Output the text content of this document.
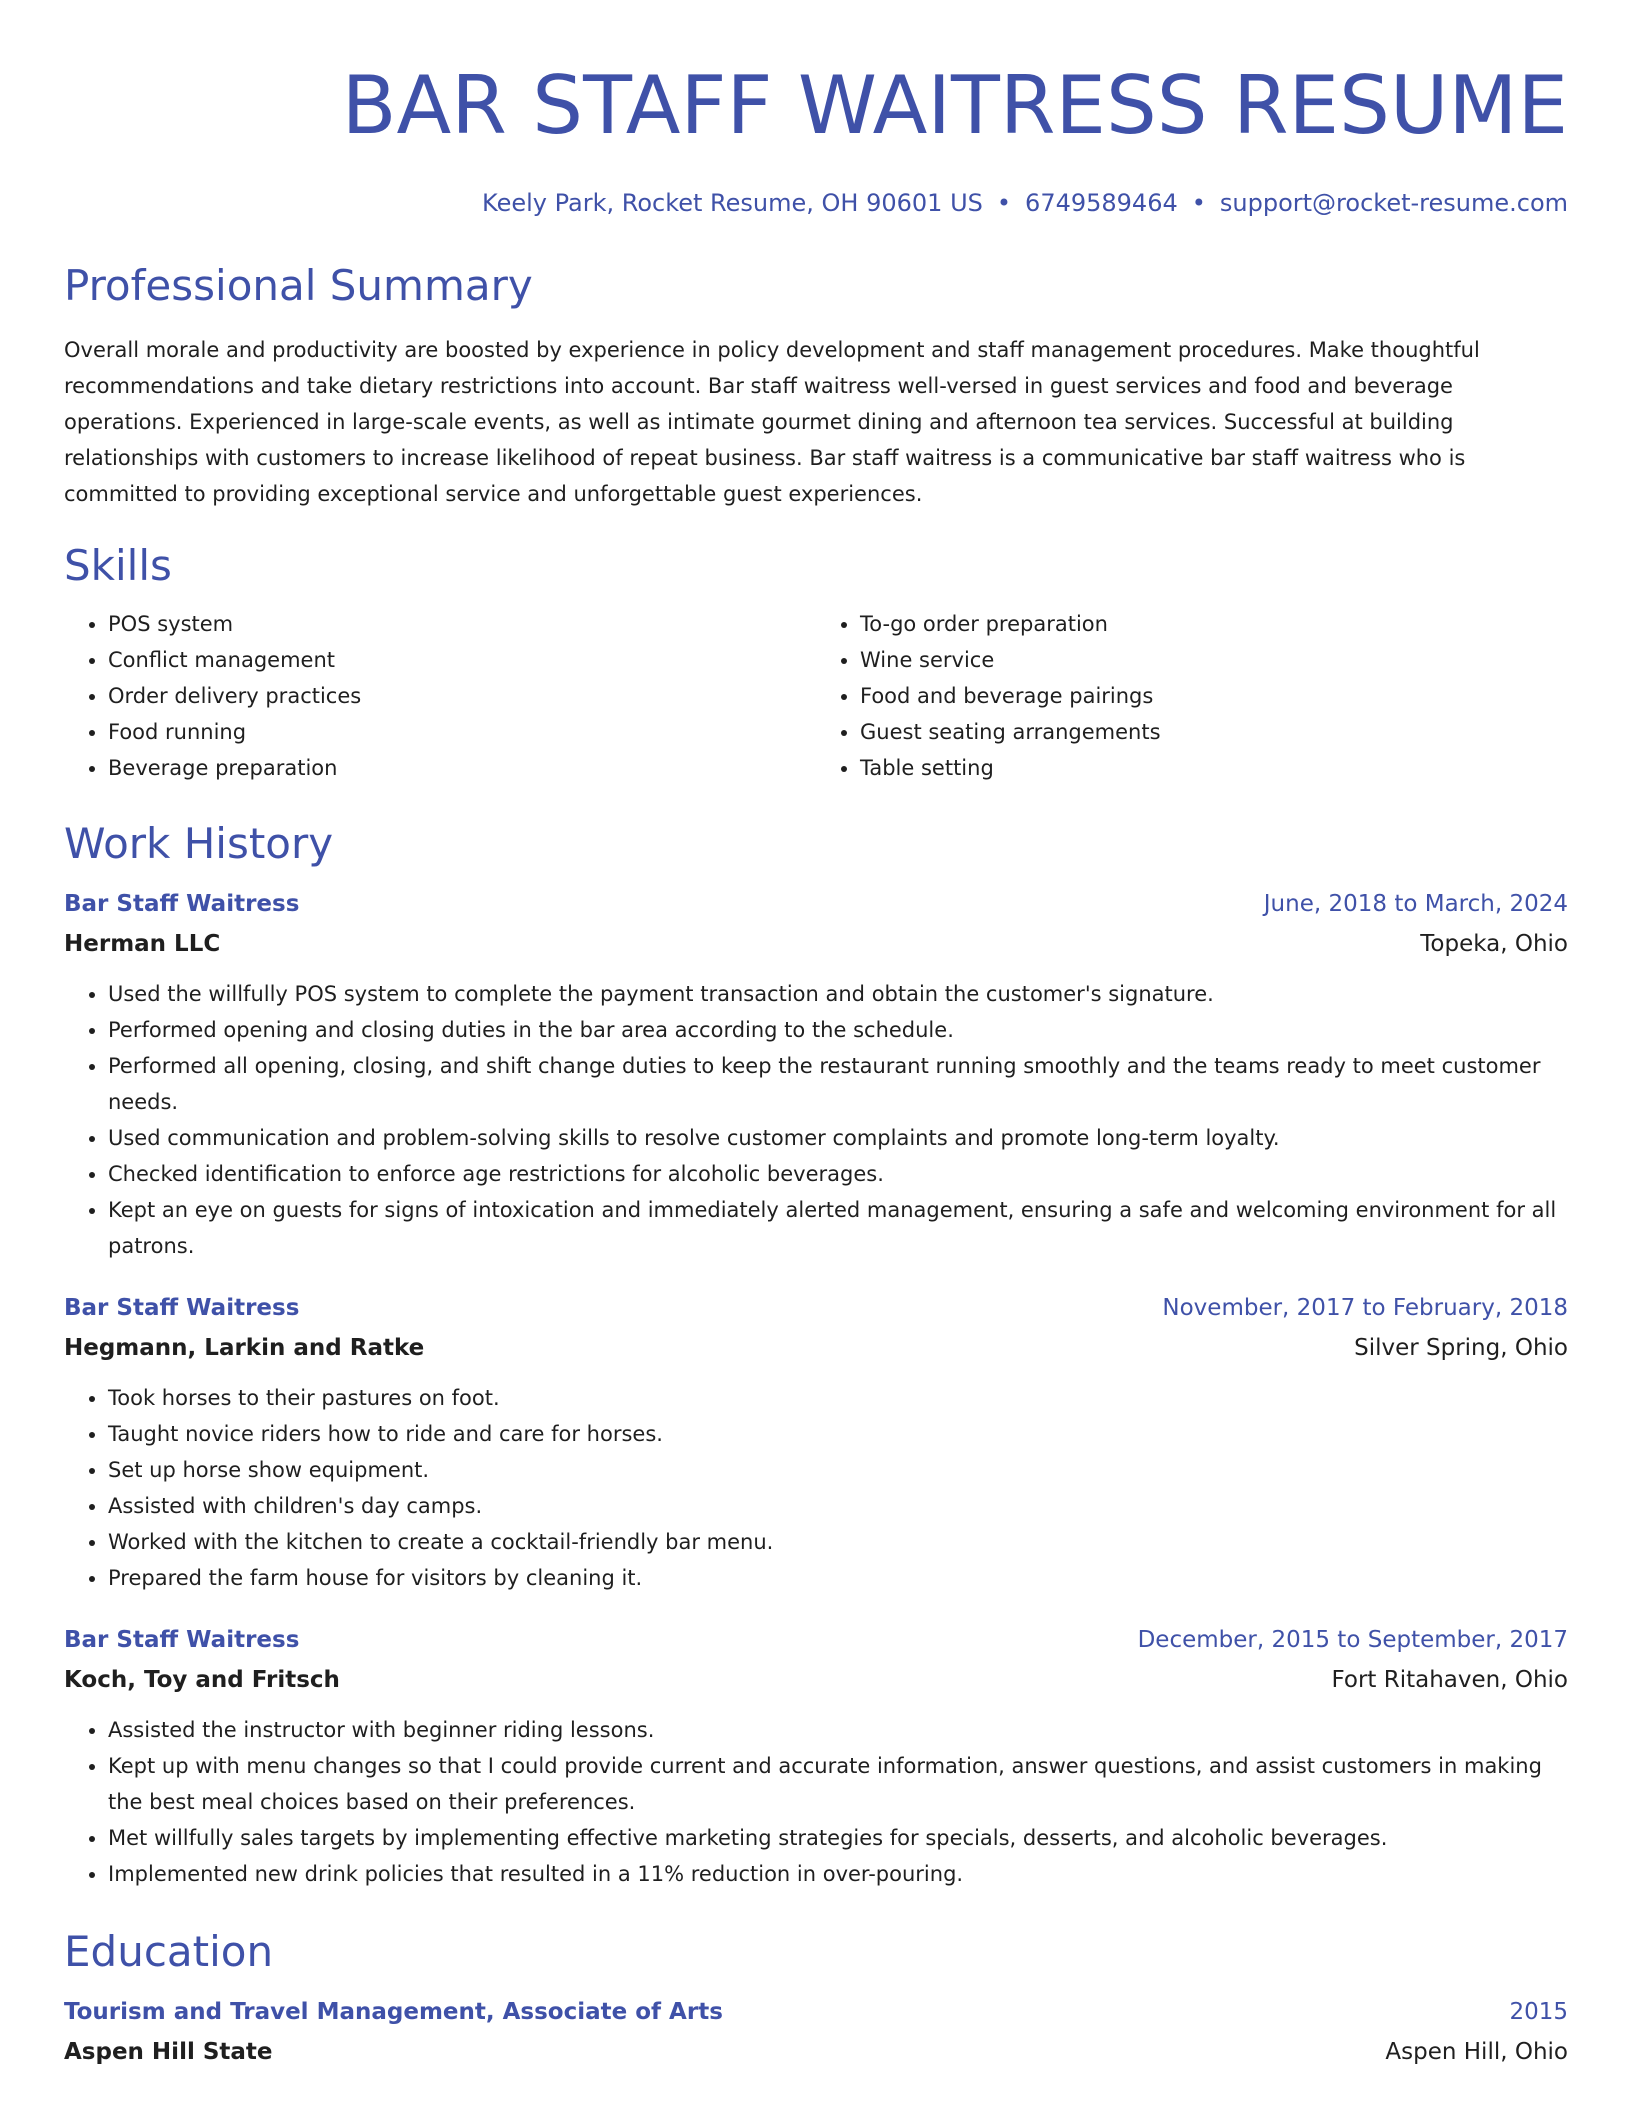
BAR STAFF WAITRESS RESUME
Keely Park, Rocket Resume, OH 90601 US • 6749589464 • support@rocket-resume.com
Professional Summary

Overall morale and productivity are boosted by experience in policy development and staff management procedures. Make thoughtful recommendations and take dietary restrictions into account. Bar staff waitress well-versed in guest services and food and beverage operations. Experienced in large-scale events, as well as intimate gourmet dining and afternoon tea services. Successful at building relationships with customers to increase likelihood of repeat business. Bar staff waitress is a communicative bar staff waitress who is committed to providing exceptional service and unforgettable guest experiences.

Skills
• POS system
• Conflict management
• Order delivery practices
• Food running
• Beverage preparation
• To-go order preparation
• Wine service
• Food and beverage pairings
• Guest seating arrangements
• Table setting
Work History
Bar Staff Waitress	June, 2018 to March, 2024
Herman LLC	Topeka, Ohio
• Used the willfully POS system to complete the payment transaction and obtain the customer's signature.
• Performed opening and closing duties in the bar area according to the schedule.
• Performed all opening, closing, and shift change duties to keep the restaurant running smoothly and the teams ready to meet customer needs.
• Used communication and problem-solving skills to resolve customer complaints and promote long-term loyalty.
• Checked identification to enforce age restrictions for alcoholic beverages.
• Kept an eye on guests for signs of intoxication and immediately alerted management, ensuring a safe and welcoming environment for all patrons.
Bar Staff Waitress	November, 2017 to February, 2018
Hegmann, Larkin and Ratke	Silver Spring, Ohio
• Took horses to their pastures on foot.
• Taught novice riders how to ride and care for horses.
• Set up horse show equipment.
• Assisted with children's day camps.
• Worked with the kitchen to create a cocktail-friendly bar menu.
• Prepared the farm house for visitors by cleaning it.
Bar Staff Waitress	December, 2015 to September, 2017
Koch, Toy and Fritsch	Fort Ritahaven, Ohio
• Assisted the instructor with beginner riding lessons.
• Kept up with menu changes so that I could provide current and accurate information, answer questions, and assist customers in making the best meal choices based on their preferences.
• Met willfully sales targets by implementing effective marketing strategies for specials, desserts, and alcoholic beverages.
• Implemented new drink policies that resulted in a 11% reduction in over-pouring.
Education
Tourism and Travel Management, Associate of Arts	2015
Aspen Hill State	Aspen Hill, Ohio
